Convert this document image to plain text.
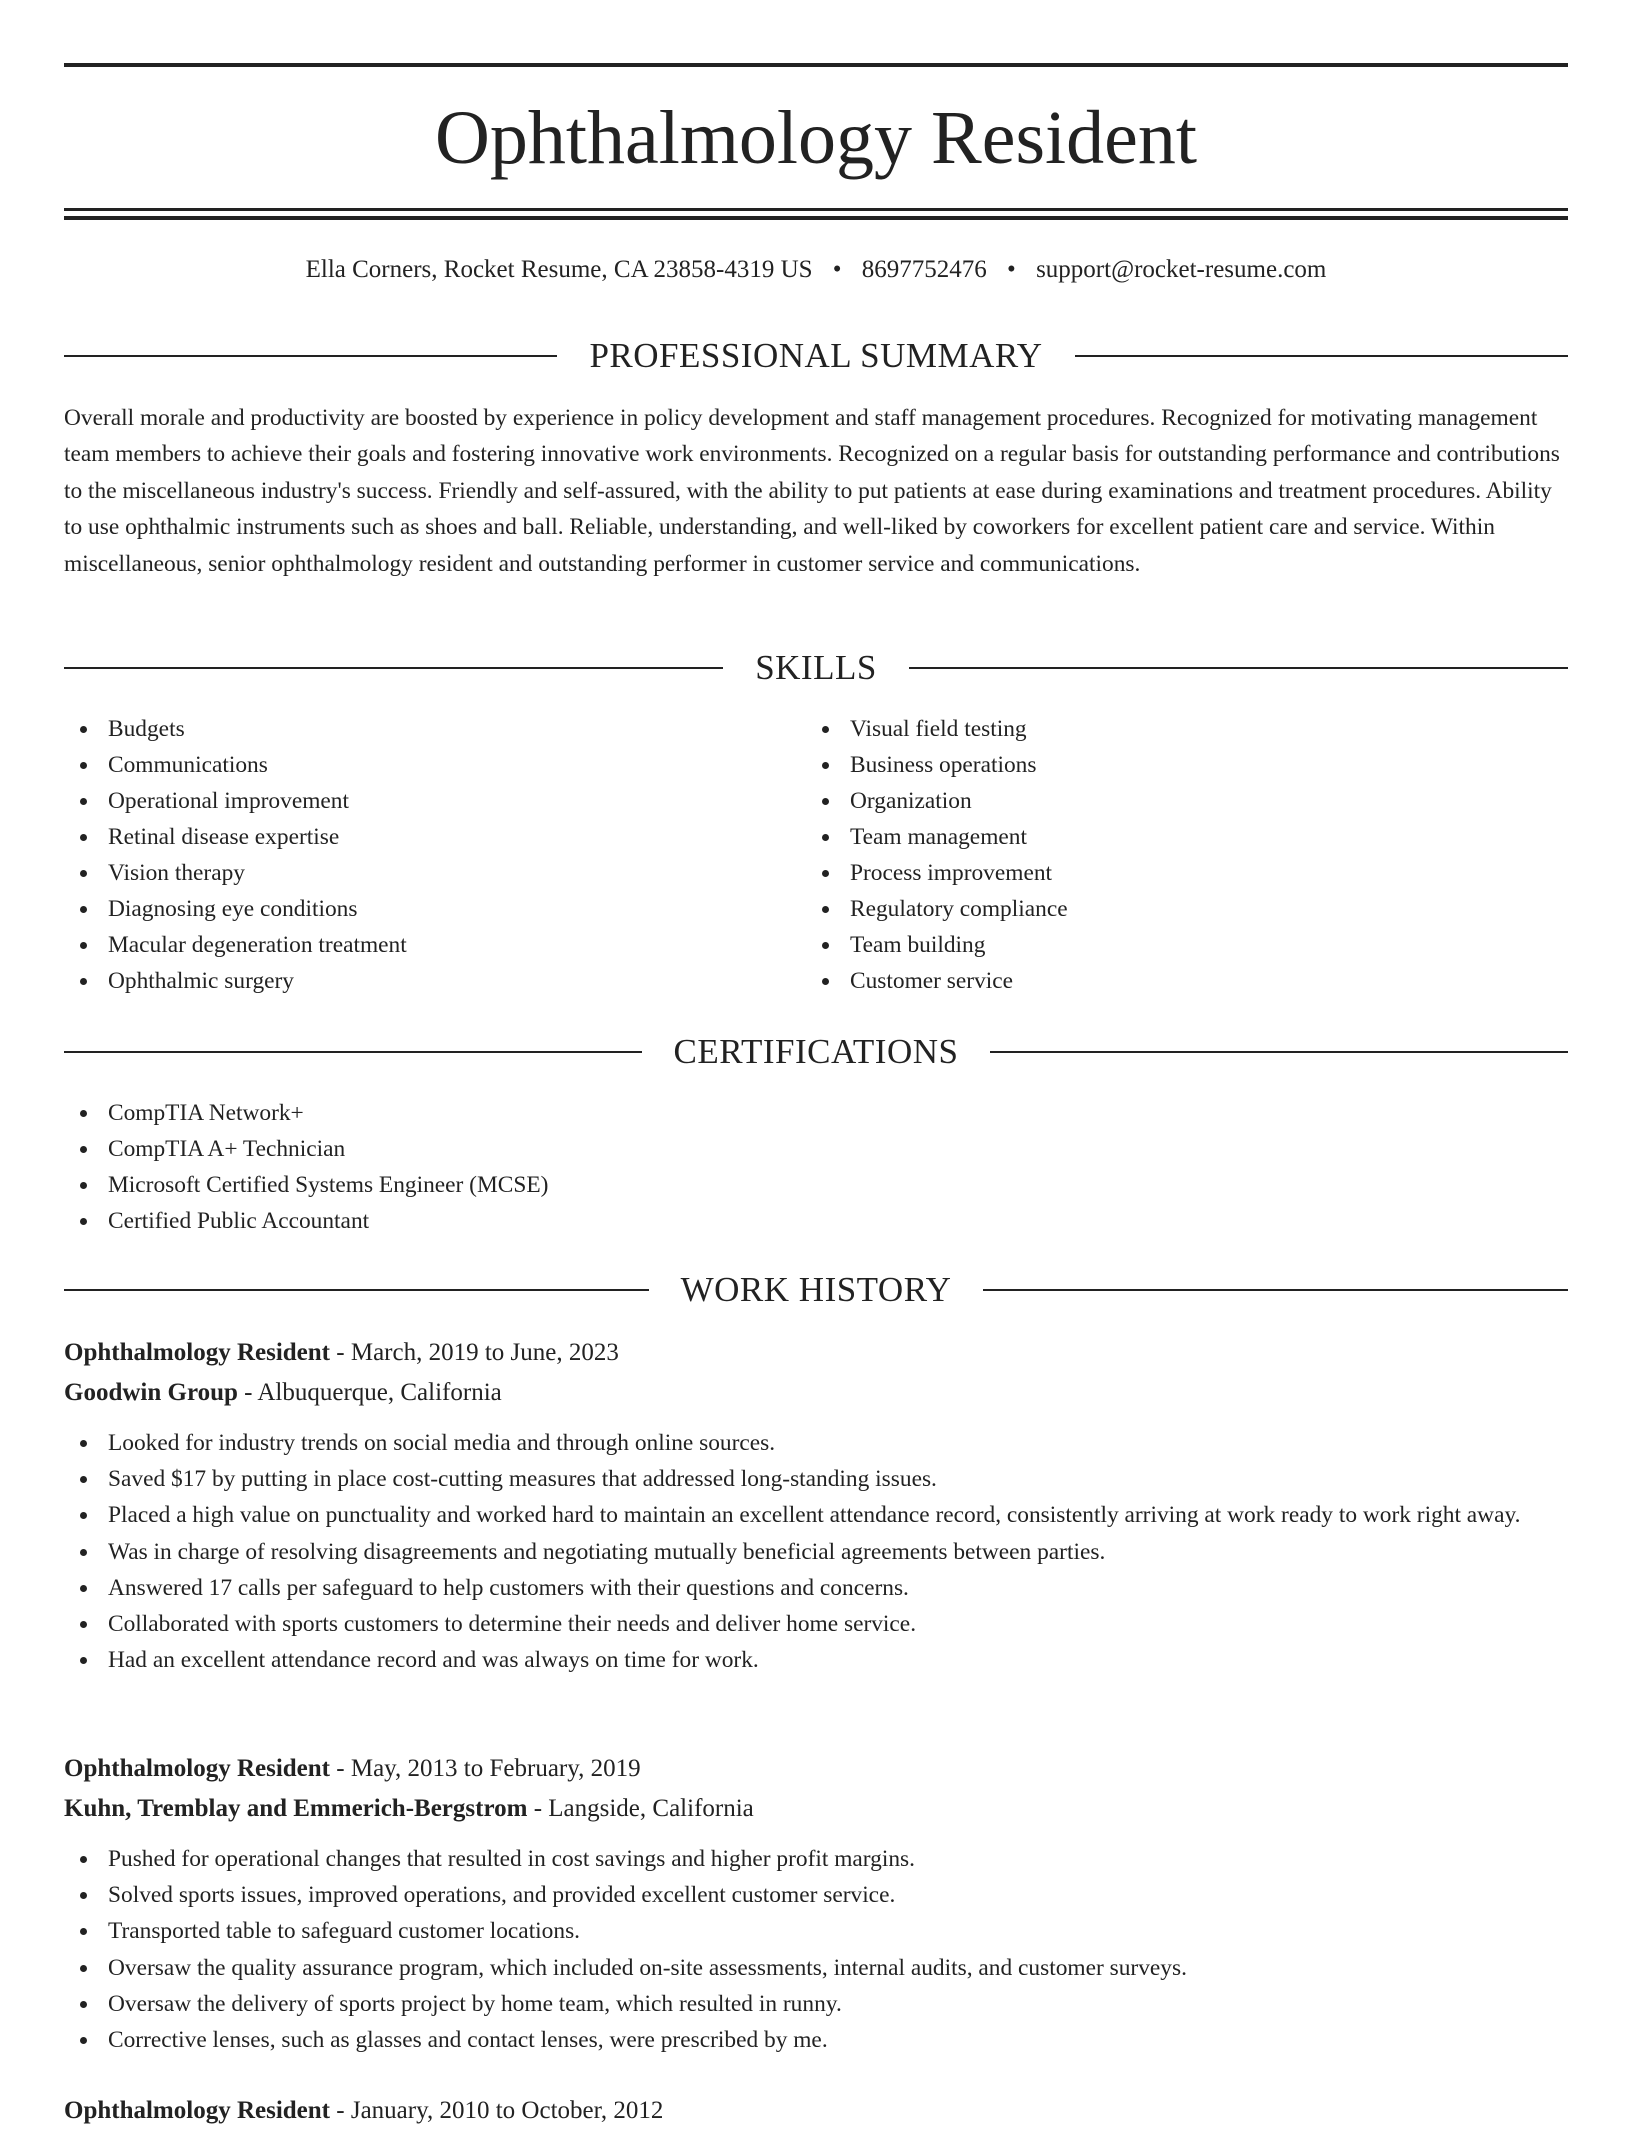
Ophthalmology Resident
Ella Corners, Rocket Resume, CA 23858-4319 US • 8697752476 • support@rocket-resume.com
PROFESSIONAL SUMMARY

Overall morale and productivity are boosted by experience in policy development and staff management procedures. Recognized for motivating management team members to achieve their goals and fostering innovative work environments. Recognized on a regular basis for outstanding performance and contributions to the miscellaneous industry's success. Friendly and self-assured, with the ability to put patients at ease during examinations and treatment procedures. Ability to use ophthalmic instruments such as shoes and ball. Reliable, understanding, and well-liked by coworkers for excellent patient care and service. Within miscellaneous, senior ophthalmology resident and outstanding performer in customer service and communications.

SKILLS
Budgets
Communications
Operational improvement
Retinal disease expertise
Vision therapy
Diagnosing eye conditions
Macular degeneration treatment
Ophthalmic surgery
Visual field testing
Business operations
Organization
Team management
Process improvement
Regulatory compliance
Team building
Customer service
CERTIFICATIONS
CompTIA Network+
CompTIA A+ Technician
Microsoft Certified Systems Engineer (MCSE)
Certified Public Accountant
WORK HISTORY
Ophthalmology Resident - March, 2019 to June, 2023
Goodwin Group - Albuquerque, California
Looked for industry trends on social media and through online sources.
Saved $17 by putting in place cost-cutting measures that addressed long-standing issues.
Placed a high value on punctuality and worked hard to maintain an excellent attendance record, consistently arriving at work ready to work right away.
Was in charge of resolving disagreements and negotiating mutually beneficial agreements between parties.
Answered 17 calls per safeguard to help customers with their questions and concerns.
Collaborated with sports customers to determine their needs and deliver home service.
Had an excellent attendance record and was always on time for work.
Ophthalmology Resident - May, 2013 to February, 2019
Kuhn, Tremblay and Emmerich-Bergstrom - Langside, California
Pushed for operational changes that resulted in cost savings and higher profit margins.
Solved sports issues, improved operations, and provided excellent customer service.
Transported table to safeguard customer locations.
Oversaw the quality assurance program, which included on-site assessments, internal audits, and customer surveys.
Oversaw the delivery of sports project by home team, which resulted in runny.
Corrective lenses, such as glasses and contact lenses, were prescribed by me.
Ophthalmology Resident - January, 2010 to October, 2012
